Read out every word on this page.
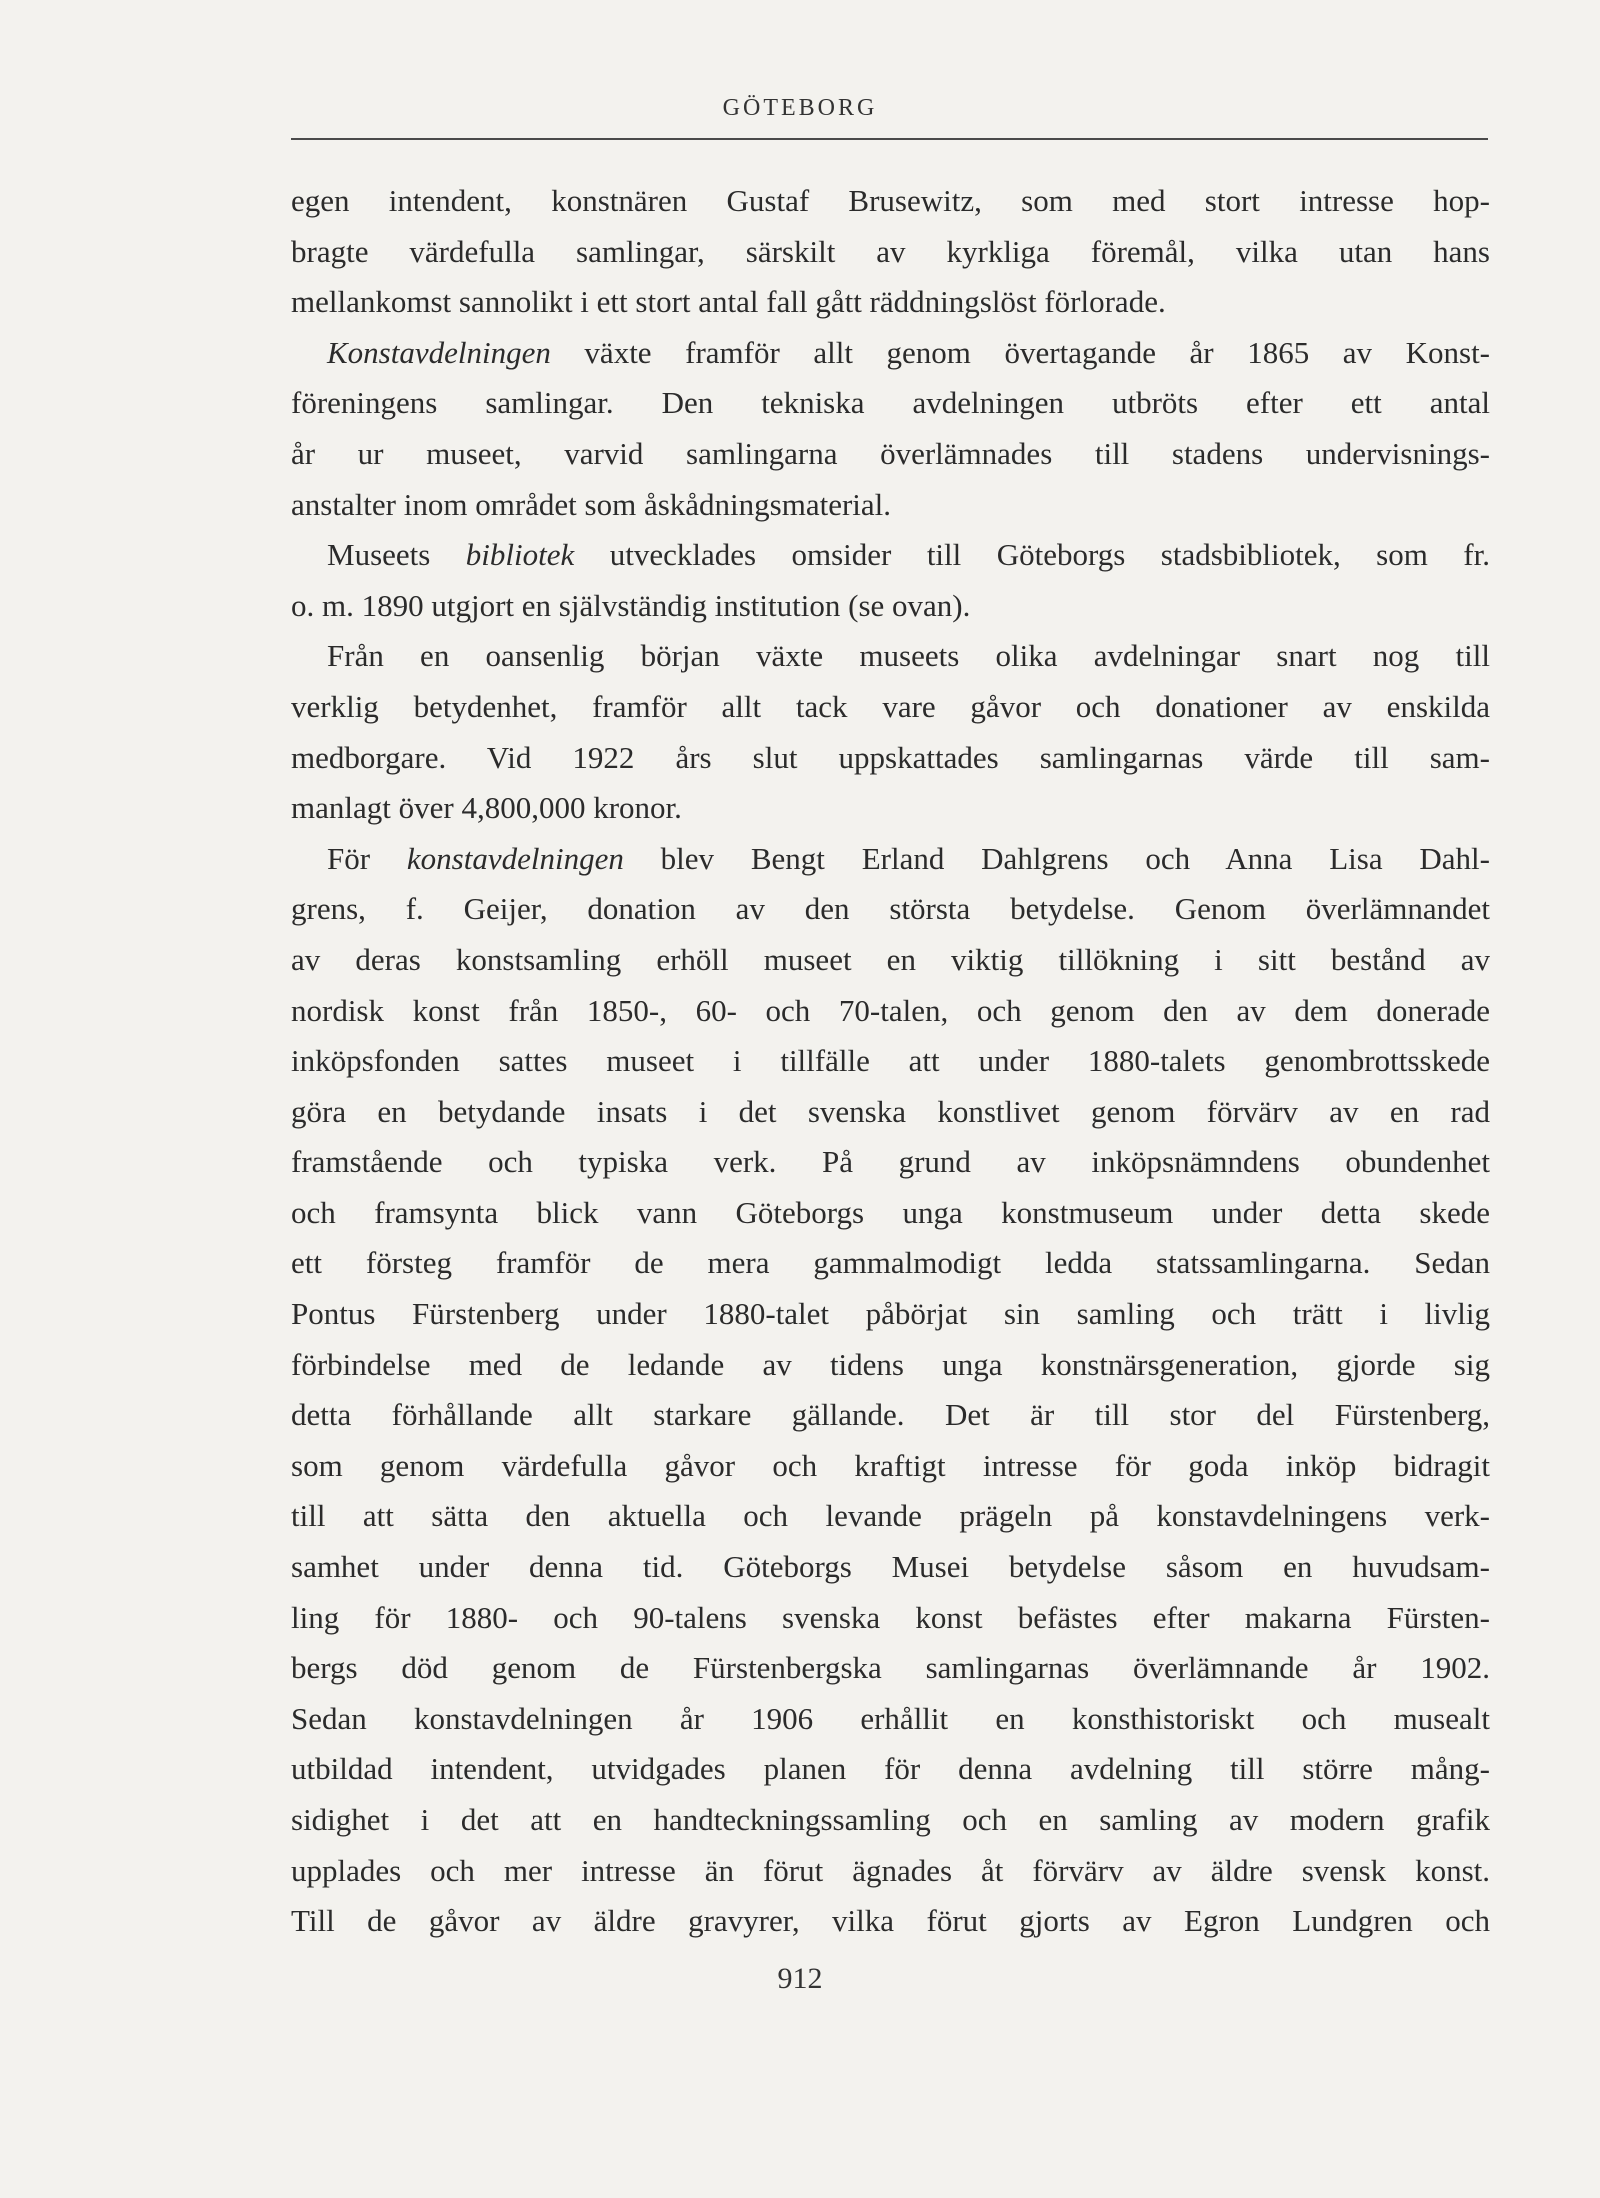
GÖTEBORG
egen intendent, konstnären Gustaf Brusewitz, som med stort intresse hop-
bragte värdefulla samlingar, särskilt av kyrkliga föremål, vilka utan hans
mellankomst sannolikt i ett stort antal fall gått räddningslöst förlorade.
Konstavdelningen växte framför allt genom övertagande år 1865 av Konst-
föreningens samlingar. Den tekniska avdelningen utbröts efter ett antal
år ur museet, varvid samlingarna överlämnades till stadens undervisnings-
anstalter inom området som åskådningsmaterial.
Museets bibliotek utvecklades omsider till Göteborgs stadsbibliotek, som fr.
o. m. 1890 utgjort en självständig institution (se ovan).
Från en oansenlig början växte museets olika avdelningar snart nog till
verklig betydenhet, framför allt tack vare gåvor och donationer av enskilda
medborgare. Vid 1922 års slut uppskattades samlingarnas värde till sam-
manlagt över 4,800,000 kronor.
För konstavdelningen blev Bengt Erland Dahlgrens och Anna Lisa Dahl-
grens, f. Geijer, donation av den största betydelse. Genom överlämnandet
av deras konstsamling erhöll museet en viktig tillökning i sitt bestånd av
nordisk konst från 1850-, 60- och 70-talen, och genom den av dem donerade
inköpsfonden sattes museet i tillfälle att under 1880-talets genombrottsskede
göra en betydande insats i det svenska konstlivet genom förvärv av en rad
framstående och typiska verk. På grund av inköpsnämndens obundenhet
och framsynta blick vann Göteborgs unga konstmuseum under detta skede
ett försteg framför de mera gammalmodigt ledda statssamlingarna. Sedan
Pontus Fürstenberg under 1880-talet påbörjat sin samling och trätt i livlig
förbindelse med de ledande av tidens unga konstnärsgeneration, gjorde sig
detta förhållande allt starkare gällande. Det är till stor del Fürstenberg,
som genom värdefulla gåvor och kraftigt intresse för goda inköp bidragit
till att sätta den aktuella och levande prägeln på konstavdelningens verk-
samhet under denna tid. Göteborgs Musei betydelse såsom en huvudsam-
ling för 1880- och 90-talens svenska konst befästes efter makarna Fürsten-
bergs död genom de Fürstenbergska samlingarnas överlämnande år 1902.
Sedan konstavdelningen år 1906 erhållit en konsthistoriskt och musealt
utbildad intendent, utvidgades planen för denna avdelning till större mång-
sidighet i det att en handteckningssamling och en samling av modern grafik
upplades och mer intresse än förut ägnades åt förvärv av äldre svensk konst.
Till de gåvor av äldre gravyrer, vilka förut gjorts av Egron Lundgren och
912
